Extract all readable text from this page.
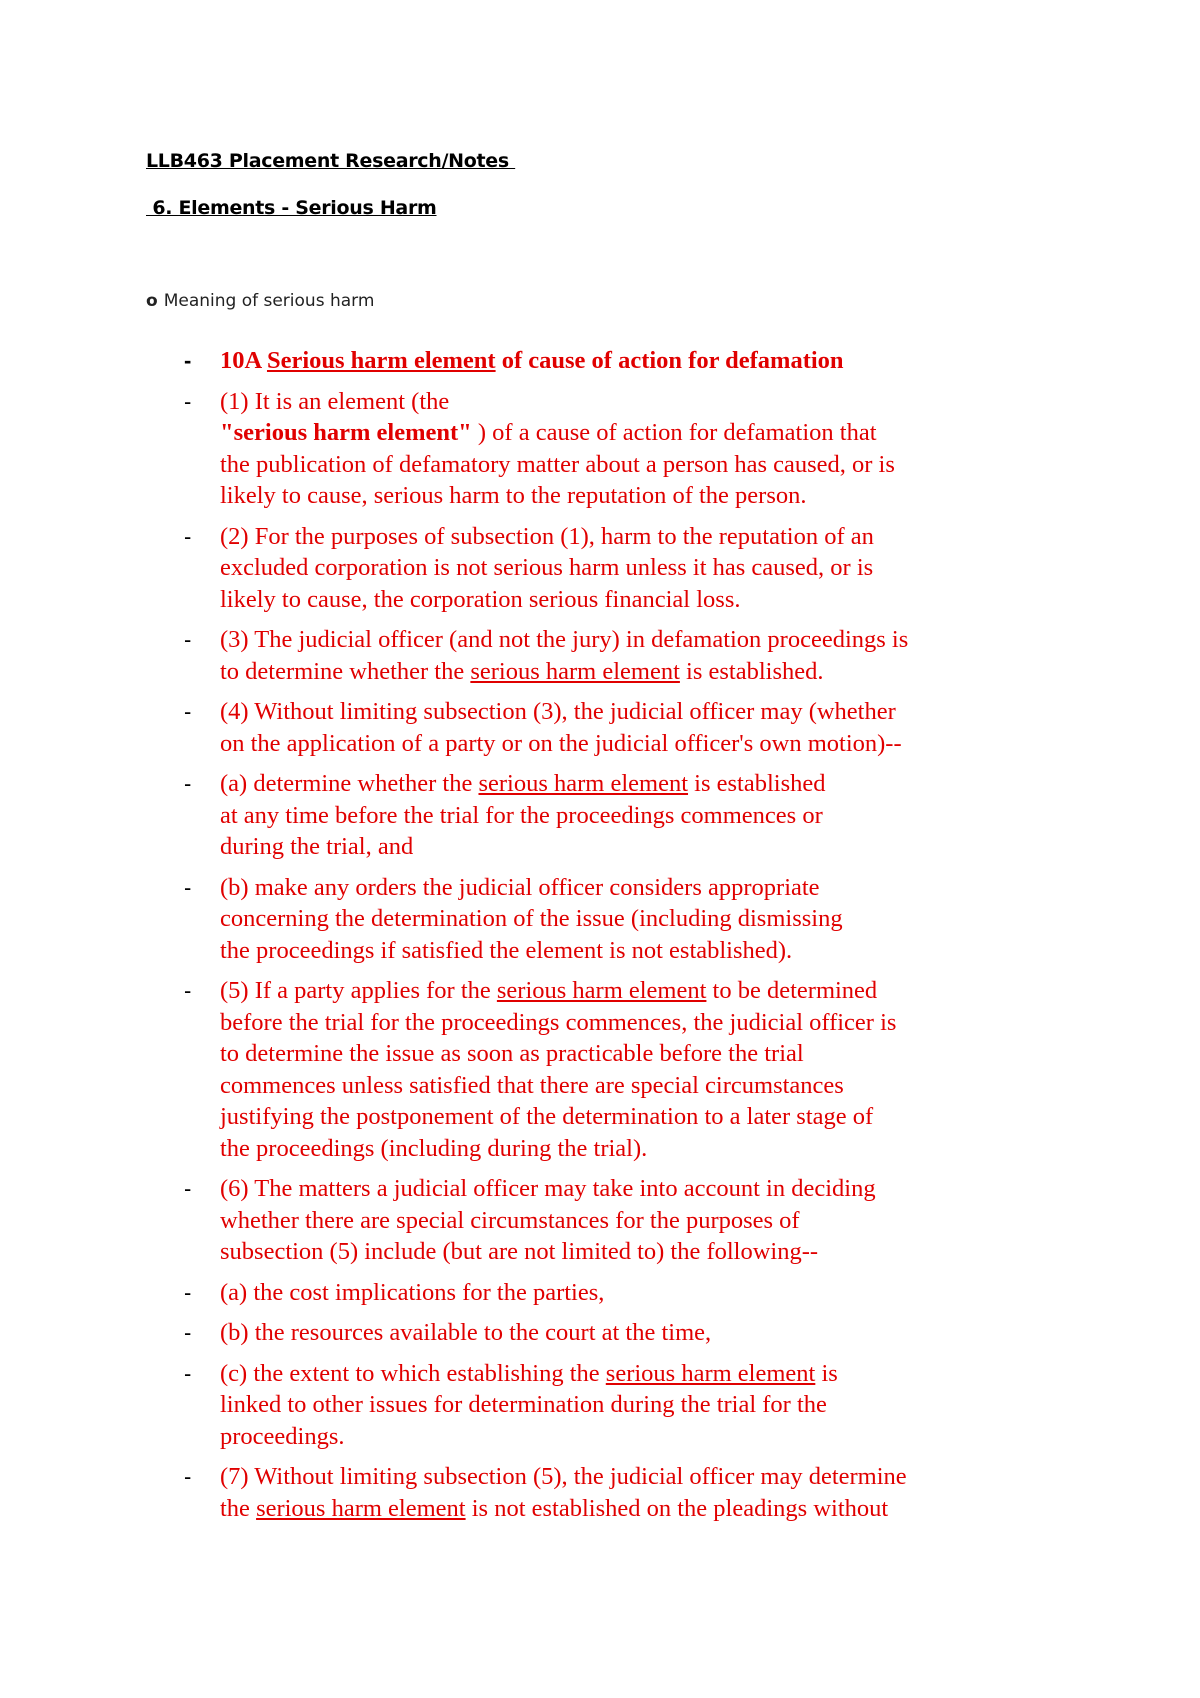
LLB463 Placement Research/Notes
6. Elements - Serious Harm
o Meaning of serious harm
- 10A Serious harm element of cause of action for defamation
- (1) It is an element (the
"serious harm element" ) of a cause of action for defamation that
the publication of defamatory matter about a person has caused, or is
likely to cause, serious harm to the reputation of the person.
- (2) For the purposes of subsection (1), harm to the reputation of an
excluded corporation is not serious harm unless it has caused, or is
likely to cause, the corporation serious financial loss.
- (3) The judicial officer (and not the jury) in defamation proceedings is
to determine whether the serious harm element is established.
- (4) Without limiting subsection (3), the judicial officer may (whether
on the application of a party or on the judicial officer's own motion)--
- (a) determine whether the serious harm element is established
at any time before the trial for the proceedings commences or
during the trial, and
- (b) make any orders the judicial officer considers appropriate
concerning the determination of the issue (including dismissing
the proceedings if satisfied the element is not established).
- (5) If a party applies for the serious harm element to be determined
before the trial for the proceedings commences, the judicial officer is
to determine the issue as soon as practicable before the trial
commences unless satisfied that there are special circumstances
justifying the postponement of the determination to a later stage of
the proceedings (including during the trial).
- (6) The matters a judicial officer may take into account in deciding
whether there are special circumstances for the purposes of
subsection (5) include (but are not limited to) the following--
- (a) the cost implications for the parties,
- (b) the resources available to the court at the time,
- (c) the extent to which establishing the serious harm element is
linked to other issues for determination during the trial for the
proceedings.
- (7) Without limiting subsection (5), the judicial officer may determine
the serious harm element is not established on the pleadings without
